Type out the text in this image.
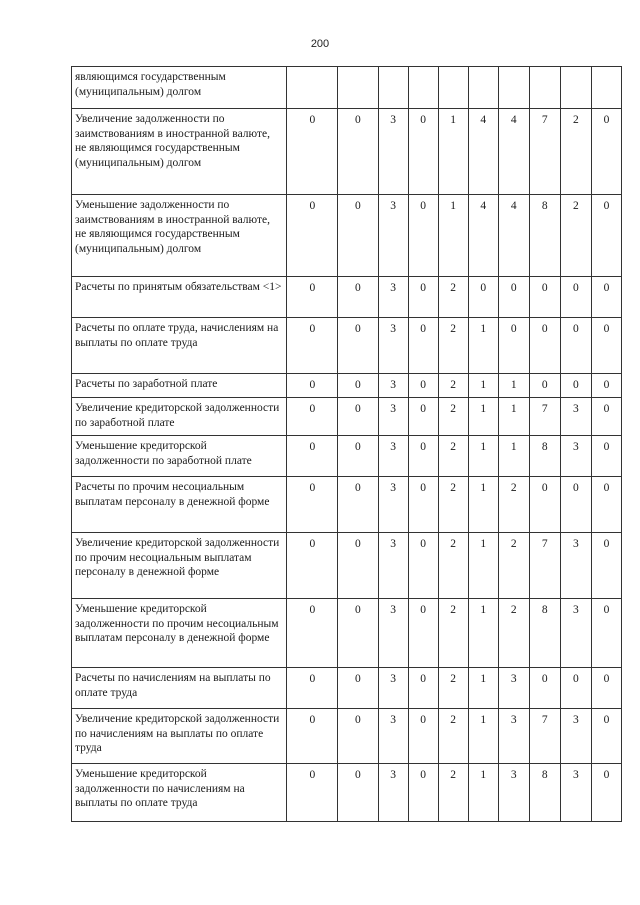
200
являющимся государственным (муниципальным) долгом										
Увеличение задолженности по заимствованиям в иностранной валюте, не являющимся государственным (муниципальным) долгом	0	0	3	0	1	4	4	7	2	0
Уменьшение задолженности по заимствованиям в иностранной валюте, не являющимся государственным (муниципальным) долгом	0	0	3	0	1	4	4	8	2	0
Расчеты по принятым обязательствам <1>	0	0	3	0	2	0	0	0	0	0
Расчеты по оплате труда, начислениям на выплаты по оплате труда	0	0	3	0	2	1	0	0	0	0
Расчеты по заработной плате	0	0	3	0	2	1	1	0	0	0
Увеличение кредиторской задолженности по заработной плате	0	0	3	0	2	1	1	7	3	0
Уменьшение кредиторской задолженности по заработной плате	0	0	3	0	2	1	1	8	3	0
Расчеты по прочим несоциальным выплатам персоналу в денежной форме	0	0	3	0	2	1	2	0	0	0
Увеличение кредиторской задолженности по прочим несоциальным выплатам персоналу в денежной форме	0	0	3	0	2	1	2	7	3	0
Уменьшение кредиторской задолженности по прочим несоциальным выплатам персоналу в денежной форме	0	0	3	0	2	1	2	8	3	0
Расчеты по начислениям на выплаты по оплате труда	0	0	3	0	2	1	3	0	0	0
Увеличение кредиторской задолженности по начислениям на выплаты по оплате труда	0	0	3	0	2	1	3	7	3	0
Уменьшение кредиторской задолженности по начислениям на выплаты по оплате труда	0	0	3	0	2	1	3	8	3	0
